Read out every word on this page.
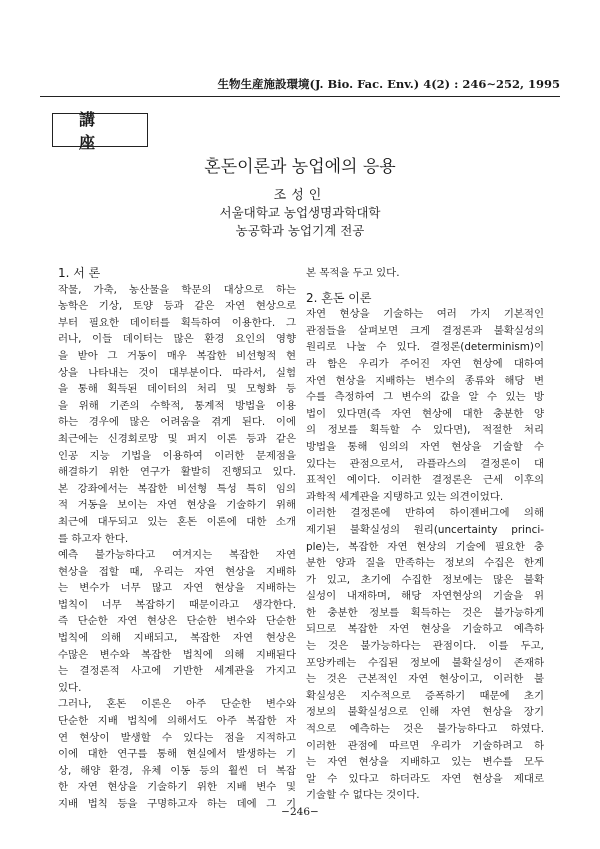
生物生産施設環境(J. Bio. Fac. Env.) 4(2) : 246∼252, 1995
講座
혼돈이론과 농업에의 응용
조성인
서울대학교 농업생명과학대학
농공학과 농업기계 전공
1. 서 론
작물, 가축, 농산물을 학문의 대상으로 하는
농학은 기상, 토양 등과 같은 자연 현상으로
부터 필요한 데이터를 획득하여 이용한다. 그
러나, 이들 데이터는 많은 환경 요인의 영향
을 받아 그 거동이 매우 복잡한 비선형적 현
상을 나타내는 것이 대부분이다. 따라서, 실험
을 통해 획득된 데이터의 처리 및 모형화 등
을 위해 기존의 수학적, 통계적 방법을 이용
하는 경우에 많은 어려움을 겪게 된다. 이에
최근에는 신경회로망 및 퍼지 이론 등과 같은
인공 지능 기법을 이용하여 이러한 문제점을
해결하기 위한 연구가 활발히 진행되고 있다.
본 강좌에서는 복잡한 비선형 특성 특히 임의
적 거동을 보이는 자연 현상을 기술하기 위해
최근에 대두되고 있는 혼돈 이론에 대한 소개
를 하고자 한다.
예측 불가능하다고 여겨지는 복잡한 자연
현상을 접할 때, 우리는 자연 현상을 지배하
는 변수가 너무 많고 자연 현상을 지배하는
법칙이 너무 복잡하기 때문이라고 생각한다.
즉 단순한 자연 현상은 단순한 변수와 단순한
법칙에 의해 지배되고, 복잡한 자연 현상은
수많은 변수와 복잡한 법칙에 의해 지배된다
는 결정론적 사고에 기반한 세계관을 가지고
있다.
그러나, 혼돈 이론은 아주 단순한 변수와
단순한 지배 법칙에 의해서도 아주 복잡한 자
연 현상이 발생할 수 있다는 점을 지적하고
이에 대한 연구를 통해 현실에서 발생하는 기
상, 해양 환경, 유체 이동 등의 훨씬 더 복잡
한 자연 현상을 기술하기 위한 지배 변수 및
지배 법칙 등을 구명하고자 하는 데에 그 기
본 목적을 두고 있다.
2. 혼돈 이론
자연 현상을 기술하는 여러 가지 기본적인
관점들을 살펴보면 크게 결정론과 불확실성의
원리로 나눌 수 있다. 결정론(determinism)이
라 함은 우리가 주어진 자연 현상에 대하여
자연 현상을 지배하는 변수의 종류와 해당 변
수를 측정하여 그 변수의 값을 알 수 있는 방
법이 있다면(즉 자연 현상에 대한 충분한 양
의 정보를 획득할 수 있다면), 적절한 처리
방법을 통해 임의의 자연 현상을 기술할 수
있다는 관점으로서, 라플라스의 결정론이 대
표적인 예이다. 이러한 결정론은 근세 이후의
과학적 세계관을 지탱하고 있는 의견이었다.
이러한 결정론에 반하여 하이젠버그에 의해
제기된 불확실성의 원리(uncertainty princi-
ple)는, 복잡한 자연 현상의 기술에 필요한 충
분한 양과 질을 만족하는 정보의 수집은 한계
가 있고, 초기에 수집한 정보에는 많은 불확
실성이 내재하며, 해당 자연현상의 기술을 위
한 충분한 정보를 획득하는 것은 불가능하게
되므로 복잡한 자연 현상을 기술하고 예측하
는 것은 불가능하다는 관점이다. 이를 두고,
포앙카레는 수집된 정보에 불확실성이 존재하
는 것은 근본적인 자연 현상이고, 이러한 불
확실성은 지수적으로 증폭하기 때문에 초기
정보의 불확실성으로 인해 자연 현상을 장기
적으로 예측하는 것은 불가능하다고 하였다.
이러한 관점에 따르면 우리가 기술하려고 하
는 자연 현상을 지배하고 있는 변수를 모두
알 수 있다고 하더라도 자연 현상을 제대로
기술할 수 없다는 것이다.
−246−
